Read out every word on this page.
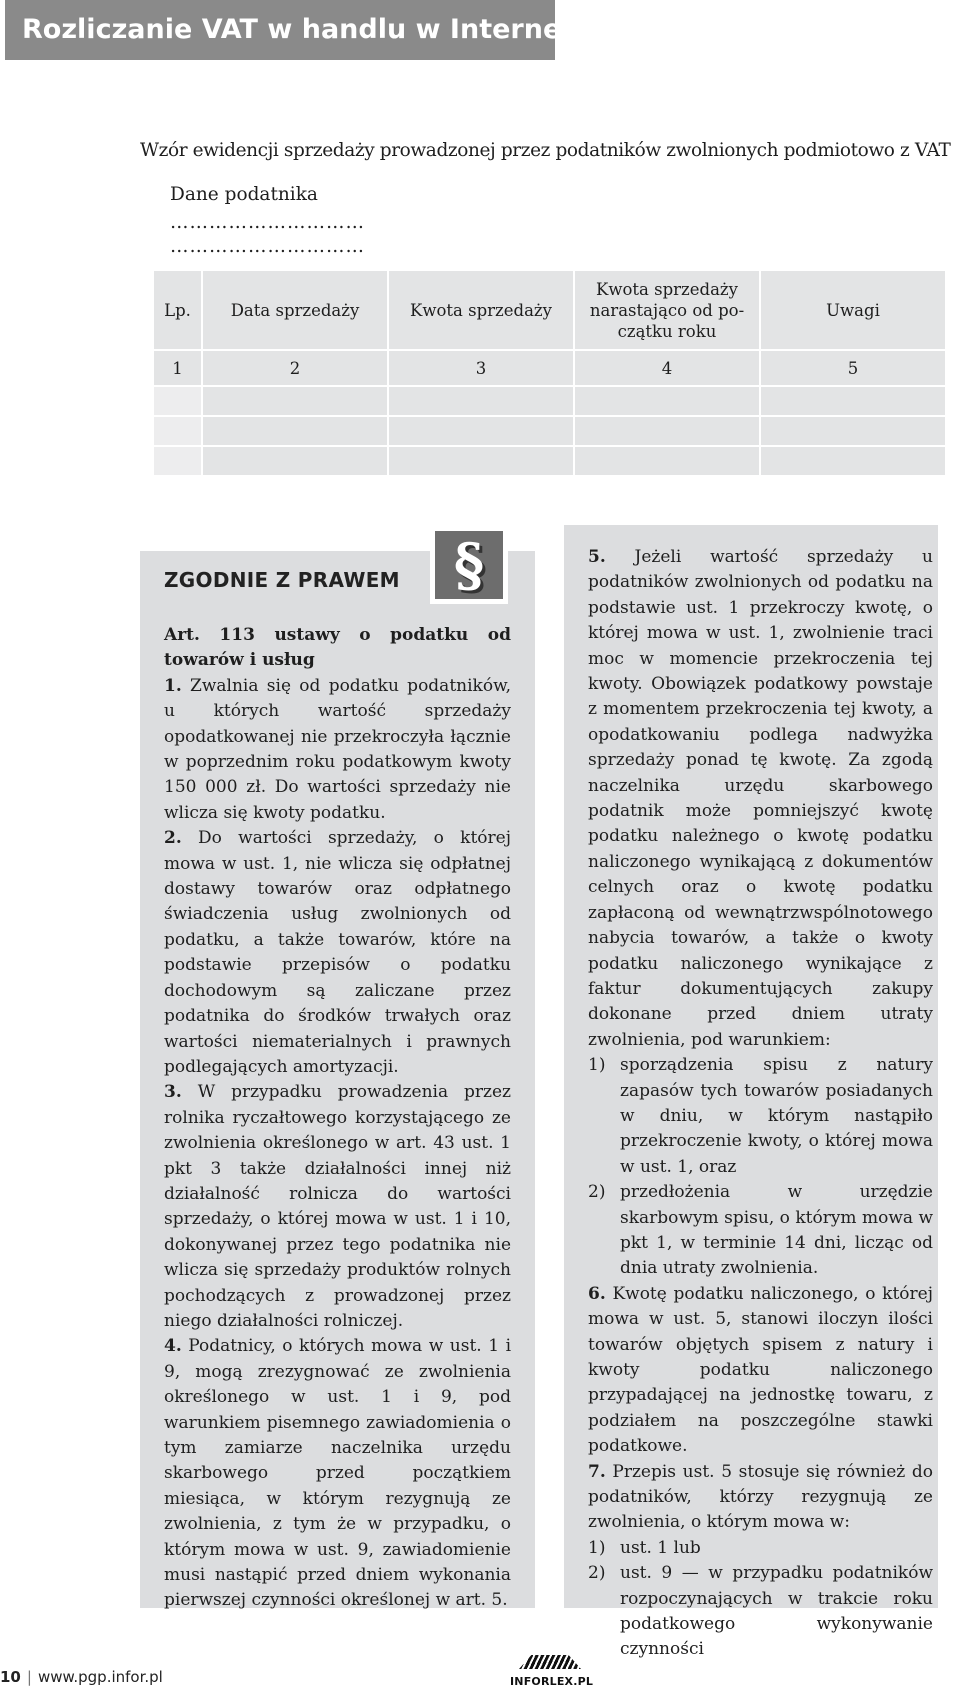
Rozliczanie VAT w handlu w Internecie
Wzór ewidencji sprzedaży prowadzonej przez podatników zwolnionych podmiotowo z VAT
Dane podatnika
…………………………
…………………………
Lp.	Data sprzedaży	Kwota sprzedaży	Kwota sprzedaży narastająco od początku roku	Uwagi
1	2	3	4	5

§
ZGODNIE Z PRAWEM

Art. 113 ustawy o podatku od towarów i usług

1. Zwalnia się od podatku podatników, u których wartość sprzedaży opodatkowanej nie przekroczyła łącznie w poprzednim roku podatkowym kwoty 150 000 zł. Do wartości sprzedaży nie wlicza się kwoty podatku.

2. Do wartości sprzedaży, o której mowa w ust. 1, nie wlicza się odpłatnej dostawy towarów oraz odpłatnego świadczenia usług zwolnionych od podatku, a także towarów, które na podstawie przepisów o podatku dochodowym są zaliczane przez podatnika do środków trwałych oraz wartości niematerialnych i prawnych podlegających amortyzacji.

3. W przypadku prowadzenia przez rolnika ryczałtowego korzystającego ze zwolnienia określonego w art. 43 ust. 1 pkt 3 także działalności innej niż działalność rolnicza do wartości sprzedaży, o której mowa w ust. 1 i 10, dokonywanej przez tego podatnika nie wlicza się sprzedaży produktów rolnych pochodzących z prowadzonej przez niego działalności rolniczej.

4. Podatnicy, o których mowa w ust. 1 i 9, mogą zrezygnować ze zwolnienia określonego w ust. 1 i 9, pod warunkiem pisemnego zawiadomienia o tym zamiarze naczelnika urzędu skarbowego przed początkiem miesiąca, w którym rezygnują ze zwolnienia, z tym że w przypadku, o którym mowa w ust. 9, zawiadomienie musi nastąpić przed dniem wykonania pierwszej czynności określonej w art. 5.

5. Jeżeli wartość sprzedaży u podatników zwolnionych od podatku na podstawie ust. 1 przekroczy kwotę, o której mowa w ust. 1, zwolnienie traci moc w momencie przekroczenia tej kwoty. Obowiązek podatkowy powstaje z momentem przekroczenia tej kwoty, a opodatkowaniu podlega nadwyżka sprzedaży ponad tę kwotę. Za zgodą naczelnika urzędu skarbowego podatnik może pomniejszyć kwotę podatku należnego o kwotę podatku naliczonego wynikającą z dokumentów celnych oraz o kwotę podatku zapłaconą od wewnątrzwspólnotowego nabycia towarów, a także o kwoty podatku naliczonego wynikające z faktur dokumentujących zakupy dokonane przed dniem utraty zwolnienia, pod warunkiem:

1) sporządzenia spisu z natury zapasów tych towarów posiadanych w dniu, w którym nastąpiło przekroczenie kwoty, o której mowa w ust. 1, oraz
2) przedłożenia w urzędzie skarbowym spisu, o którym mowa w pkt 1, w terminie 14 dni, licząc od dnia utraty zwolnienia.

6. Kwotę podatku naliczonego, o której mowa w ust. 5, stanowi iloczyn ilości towarów objętych spisem z natury i kwoty podatku naliczonego przypadającej na jednostkę towaru, z podziałem na poszczególne stawki podatkowe.

7. Przepis ust. 5 stosuje się również do podatników, którzy rezygnują ze zwolnienia, o którym mowa w:

1) ust. 1 lub
2) ust. 9 — w przypadku podatników rozpoczynających w trakcie roku podatkowego wykonywanie czynności
10 | www.pgp.infor.pl	INFORLEX.PL
